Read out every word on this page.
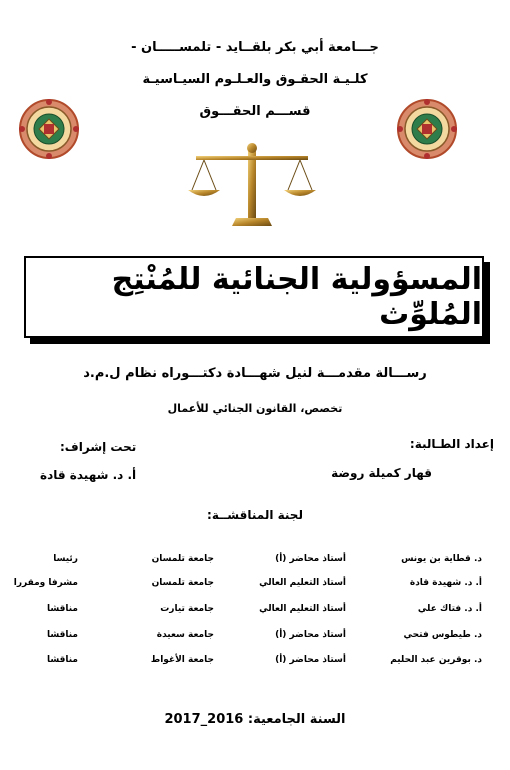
جـــامعة أبي بكر بلقــايد - تلمســـــان -
كلـيـة الحقـوق والعـلـوم السيـاسيـة
قســـم الحقـــوق
المسؤولية الجنائية للمُنْتِج المُلوِّث
رســـالة مقدمـــة لنيل شهـــادة دكتـــوراه نظام ل.م.د
تخصص، القانون الجنائي للأعمال
إعداد الطـالبة:
قهار كميلة روضة
تحت إشراف:
أ. د. شهيدة قادة
لجنة المناقشــة:
د. قطاية بن يونس
أستاذ محاضر (أ)
جامعة تلمسان
رئيسا
أ. د. شهيدة قادة
أستاذ التعليم العالي
جامعة تلمسان
مشرفا ومقررا
أ. د. فتاك علي
أستاذ التعليم العالي
جامعة تيارت
مناقشا
د. طيطوس فتحي
أستاذ محاضر (أ)
جامعة سعيدة
مناقشا
د. بوقرين عبد الحليم
أستاذ محاضر (أ)
جامعة الأغواط
مناقشا
السنة الجامعية: 2016_2017
